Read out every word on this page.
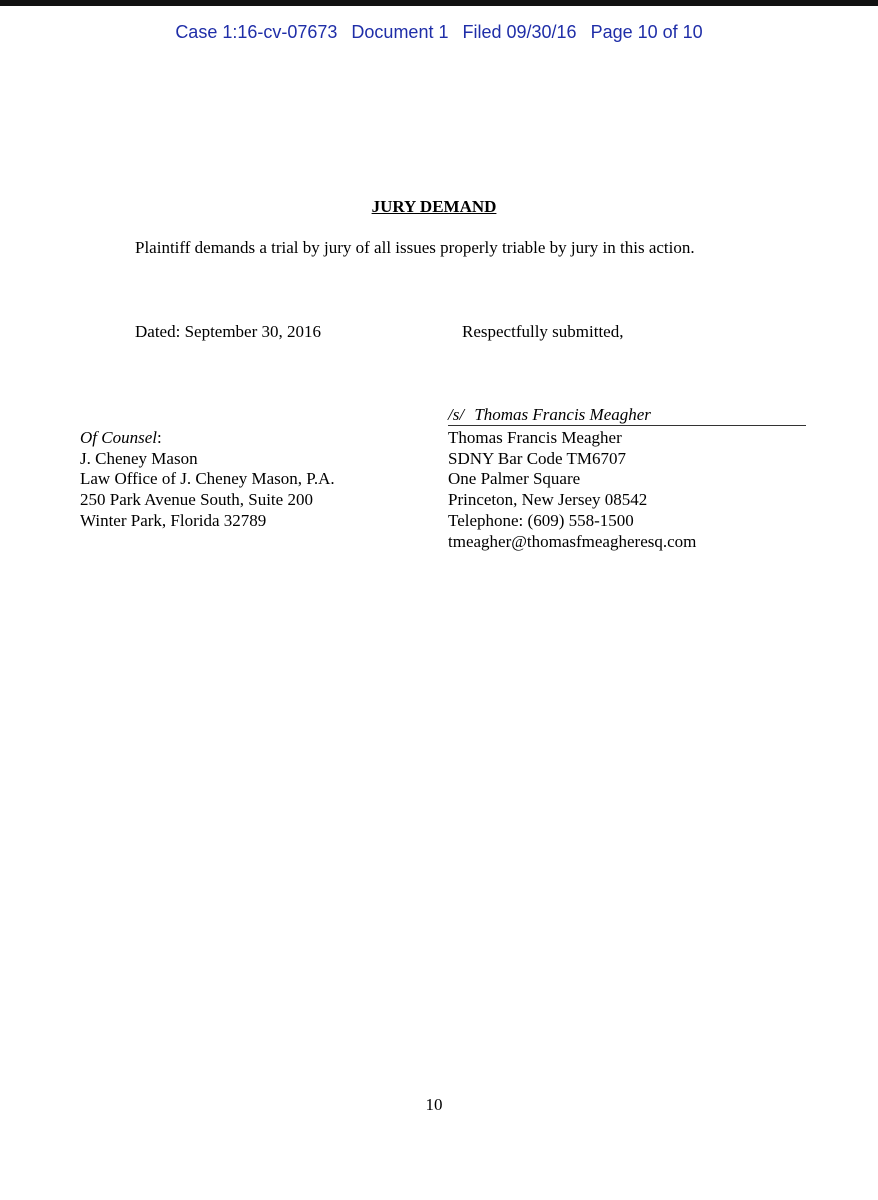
Case 1:16-cv-07673 Document 1 Filed 09/30/16 Page 10 of 10
JURY DEMAND
Plaintiff demands a trial by jury of all issues properly triable by jury in this action.
Dated: September 30, 2016	Respectfully submitted,
/s/ Thomas Francis Meagher
Of Counsel:
J. Cheney Mason
Law Office of J. Cheney Mason, P.A.
250 Park Avenue South, Suite 200
Winter Park, Florida 32789
Thomas Francis Meagher
SDNY Bar Code TM6707
One Palmer Square
Princeton, New Jersey 08542
Telephone: (609) 558-1500
tmeagher@thomasfmeagheresq.com
10
